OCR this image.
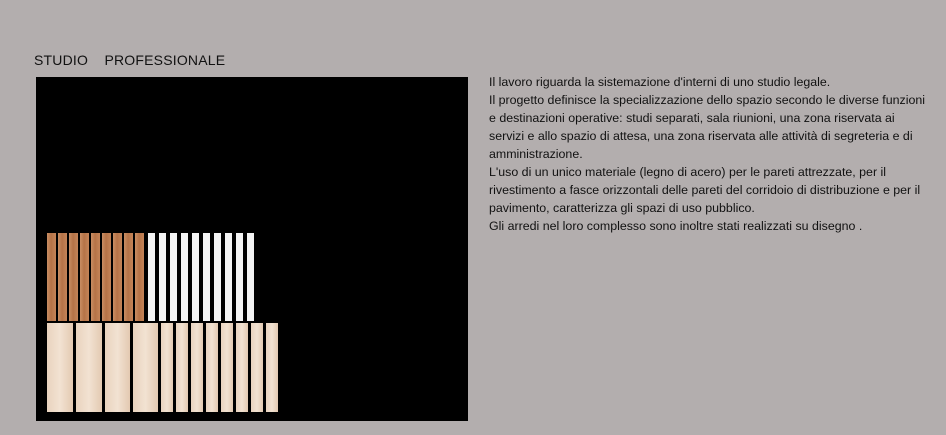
STUDIO    PROFESSIONALE

Il lavoro riguarda la sistemazione d'interni di uno studio legale.

Il progetto definisce la specializzazione dello spazio secondo le diverse funzioni e destinazioni operative: studi separati, sala riunioni, una zona riservata ai servizi e allo spazio di attesa, una zona riservata alle attività di segreteria e di amministrazione.

L'uso di un unico materiale (legno di acero) per le pareti attrezzate, per il rivestimento a fasce orizzontali delle pareti del corridoio di distribuzione e per il pavimento, caratterizza gli spazi di uso pubblico.

Gli arredi nel loro complesso sono inoltre stati realizzati su disegno .
